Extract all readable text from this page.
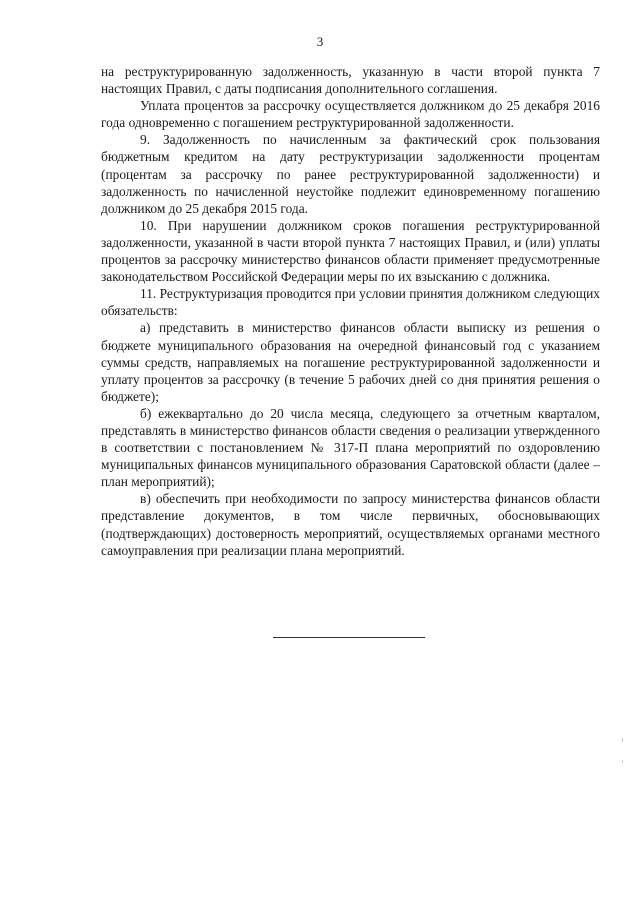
3

на реструктурированную задолженность, указанную в части второй пункта 7 настоящих Правил, с даты подписания дополнительного соглашения.

Уплата процентов за рассрочку осуществляется должником до 25 декабря 2016 года одновременно с погашением реструктурированной задолженности.

9. Задолженность по начисленным за фактический срок пользования бюджетным кредитом на дату реструктуризации задолженности процентам (процентам за рассрочку по ранее реструктурированной задолженности) и задолженность по начисленной неустойке подлежит единовременному погашению должником до 25 декабря 2015 года.

10. При нарушении должником сроков погашения реструктурированной задолженности, указанной в части второй пункта 7 настоящих Правил, и (или) уплаты процентов за рассрочку министерство финансов области применяет предусмотренные законодательством Российской Федерации меры по их взысканию с должника.

11. Реструктуризация проводится при условии принятия должником следующих обязательств:

а) представить в министерство финансов области выписку из решения о бюджете муниципального образования на очередной финансовый год с указанием суммы средств, направляемых на погашение реструктурированной задолженности и уплату процентов за рассрочку (в течение 5 рабочих дней со дня принятия решения о бюджете);

б) ежеквартально до 20 числа месяца, следующего за отчетным кварталом, представлять в министерство финансов области сведения о реализации утвержденного в соответствии с постановлением № 317-П плана мероприятий по оздоровлению муниципальных финансов муниципального образования Саратовской области (далее – план мероприятий);

в) обеспечить при необходимости по запросу министерства финансов области представление документов, в том числе первичных, обосновывающих (подтверждающих) достоверность мероприятий, осуществляемых органами местного самоуправления при реализации плана мероприятий.
